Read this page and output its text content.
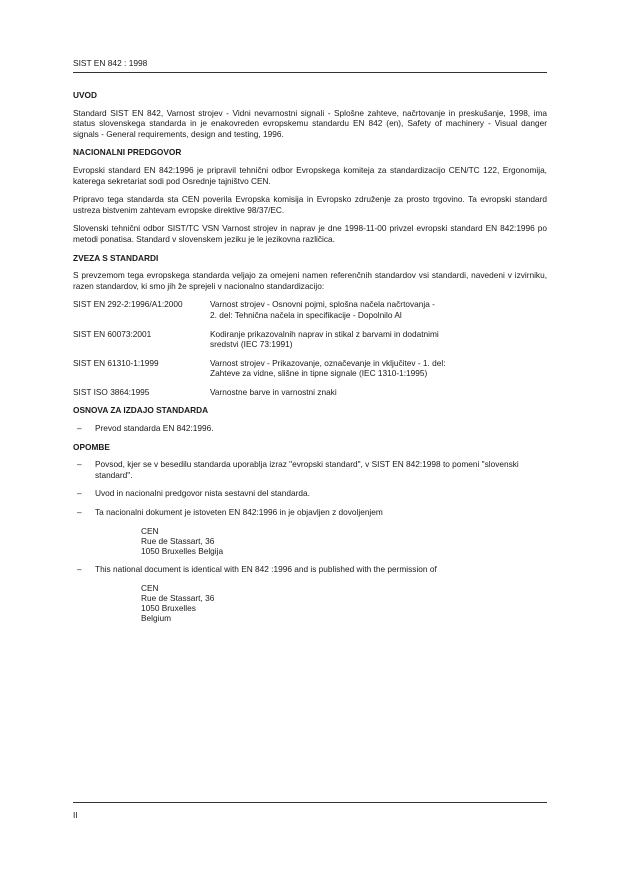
SIST EN 842 : 1998
UVOD

Standard SIST EN 842, Varnost strojev - Vidni nevarnostni signali - Splošne zahteve, načrtovanje in preskušanje, 1998, ima status slovenskega standarda in je enakovreden evropskemu standardu EN 842 (en), Safety of machinery - Visual danger signals - General requirements, design and testing, 1996.

NACIONALNI PREDGOVOR

Evropski standard EN 842:1996 je pripravil tehnični odbor Evropskega komiteja za standardizacijo CEN/TC 122, Ergonomija, katerega sekretariat sodi pod Osrednje tajništvo CEN.

Pripravo tega standarda sta CEN poverila Evropska komisija in Evropsko združenje za prosto trgovino. Ta evropski standard ustreza bistvenim zahtevam evropske direktive 98/37/EC.

Slovenski tehnični odbor SIST/TC VSN Varnost strojev in naprav je dne 1998-11-00 privzel evropski standard EN 842:1996 po metodi ponatisa. Standard v slovenskem jeziku je le jezikovna različica.

ZVEZA S STANDARDI

S prevzemom tega evropskega standarda veljajo za omejeni namen referenčnih standardov vsi standardi, navedeni v izvirniku, razen standardov, ki smo jih že sprejeli v nacionalno standardizacijo:

SIST EN 292-2:1996/A1:2000	Varnost strojev - Osnovni pojmi, splošna načela načrtovanja -
2. del: Tehnična načela in specifikacije - Dopolnilo Al
SIST EN 60073:2001	Kodiranje prikazovalnih naprav in stikal z barvami in dodatnimi
sredstvi (IEC 73:1991)
SIST EN 61310-1:1999	Varnost strojev - Prikazovanje, označevanje in vključitev - 1. del:
Zahteve za vidne, slišne in tipne signale (IEC 1310-1:1995)
SIST ISO 3864:1995	Varnostne barve in varnostni znaki
OSNOVA ZA IZDAJO STANDARDA
–	Prevod standarda EN 842:1996.
OPOMBE
–	Povsod, kjer se v besedilu standarda uporablja izraz "evropski standard", v SIST EN 842:1998 to pomeni "slovenski standard".
–	Uvod in nacionalni predgovor nista sestavni del standarda.
–	Ta nacionalni dokument je istoveten EN 842:1996 in je objavljen z dovoljenjem
CEN
Rue de Stassart, 36
1050 Bruxelles Belgija
–	This national document is identical with EN 842 :1996 and is published with the permission of
CEN
Rue de Stassart, 36
1050 Bruxelles
Belgium
II
